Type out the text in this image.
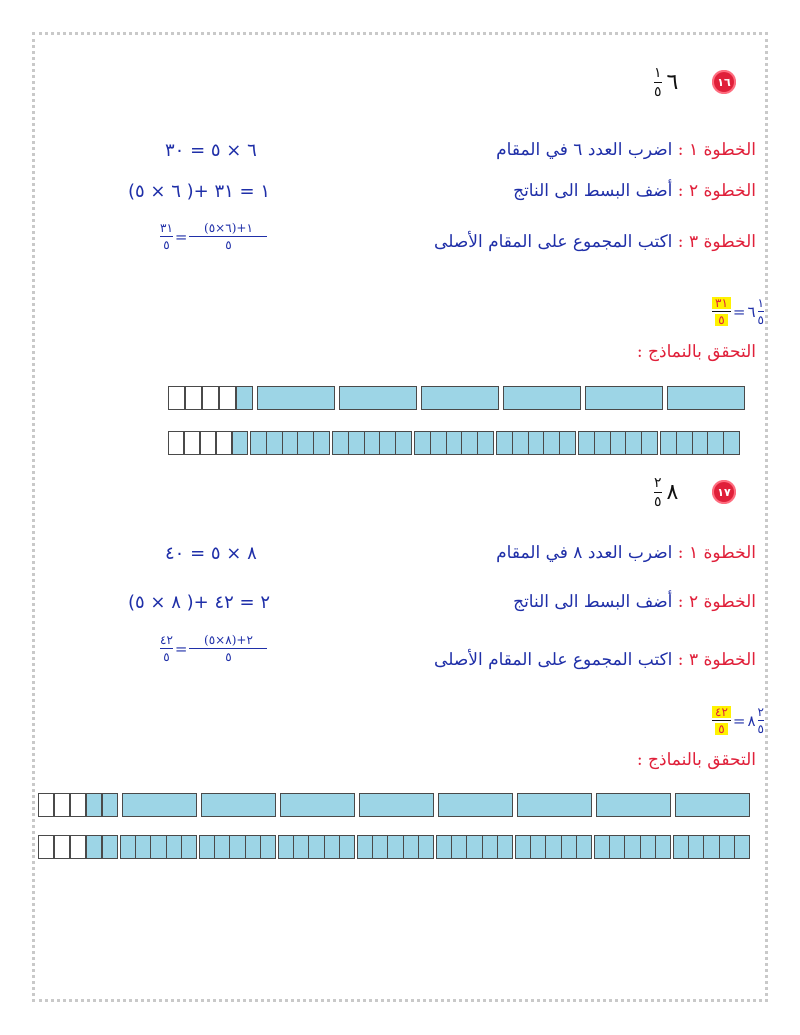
١٦
$\frac{١}{٥}$ ٦
الخطوة ١ : اضرب العدد ٦ في المقام
٦ × ٥ = ٣٠
الخطوة ٢ : أضف البسط الى الناتج
(٦ × ٥ )+ ١ = ٣١
الخطوة ٣ : اكتب المجموع على المقام الأصلى
$\frac{٣١}{٥} = \frac{(٦\times ٥)+١}{٥}$
$\frac{٣١}{٥}$ = ٦ $\frac{١}{٥}$
التحقق بالنماذج :
١٧
$\frac{٢}{٥}$ ٨
الخطوة ١ : اضرب العدد ٨ في المقام
٨ × ٥ = ٤٠
الخطوة ٢ : أضف البسط الى الناتج
(٨ × ٥ )+ ٢ = ٤٢
الخطوة ٣ : اكتب المجموع على المقام الأصلى
$\frac{٤٢}{٥} = \frac{(٨\times ٥)+٢}{٥}$
$\frac{٤٢}{٥}$ = ٨ $\frac{٢}{٥}$
التحقق بالنماذج :
